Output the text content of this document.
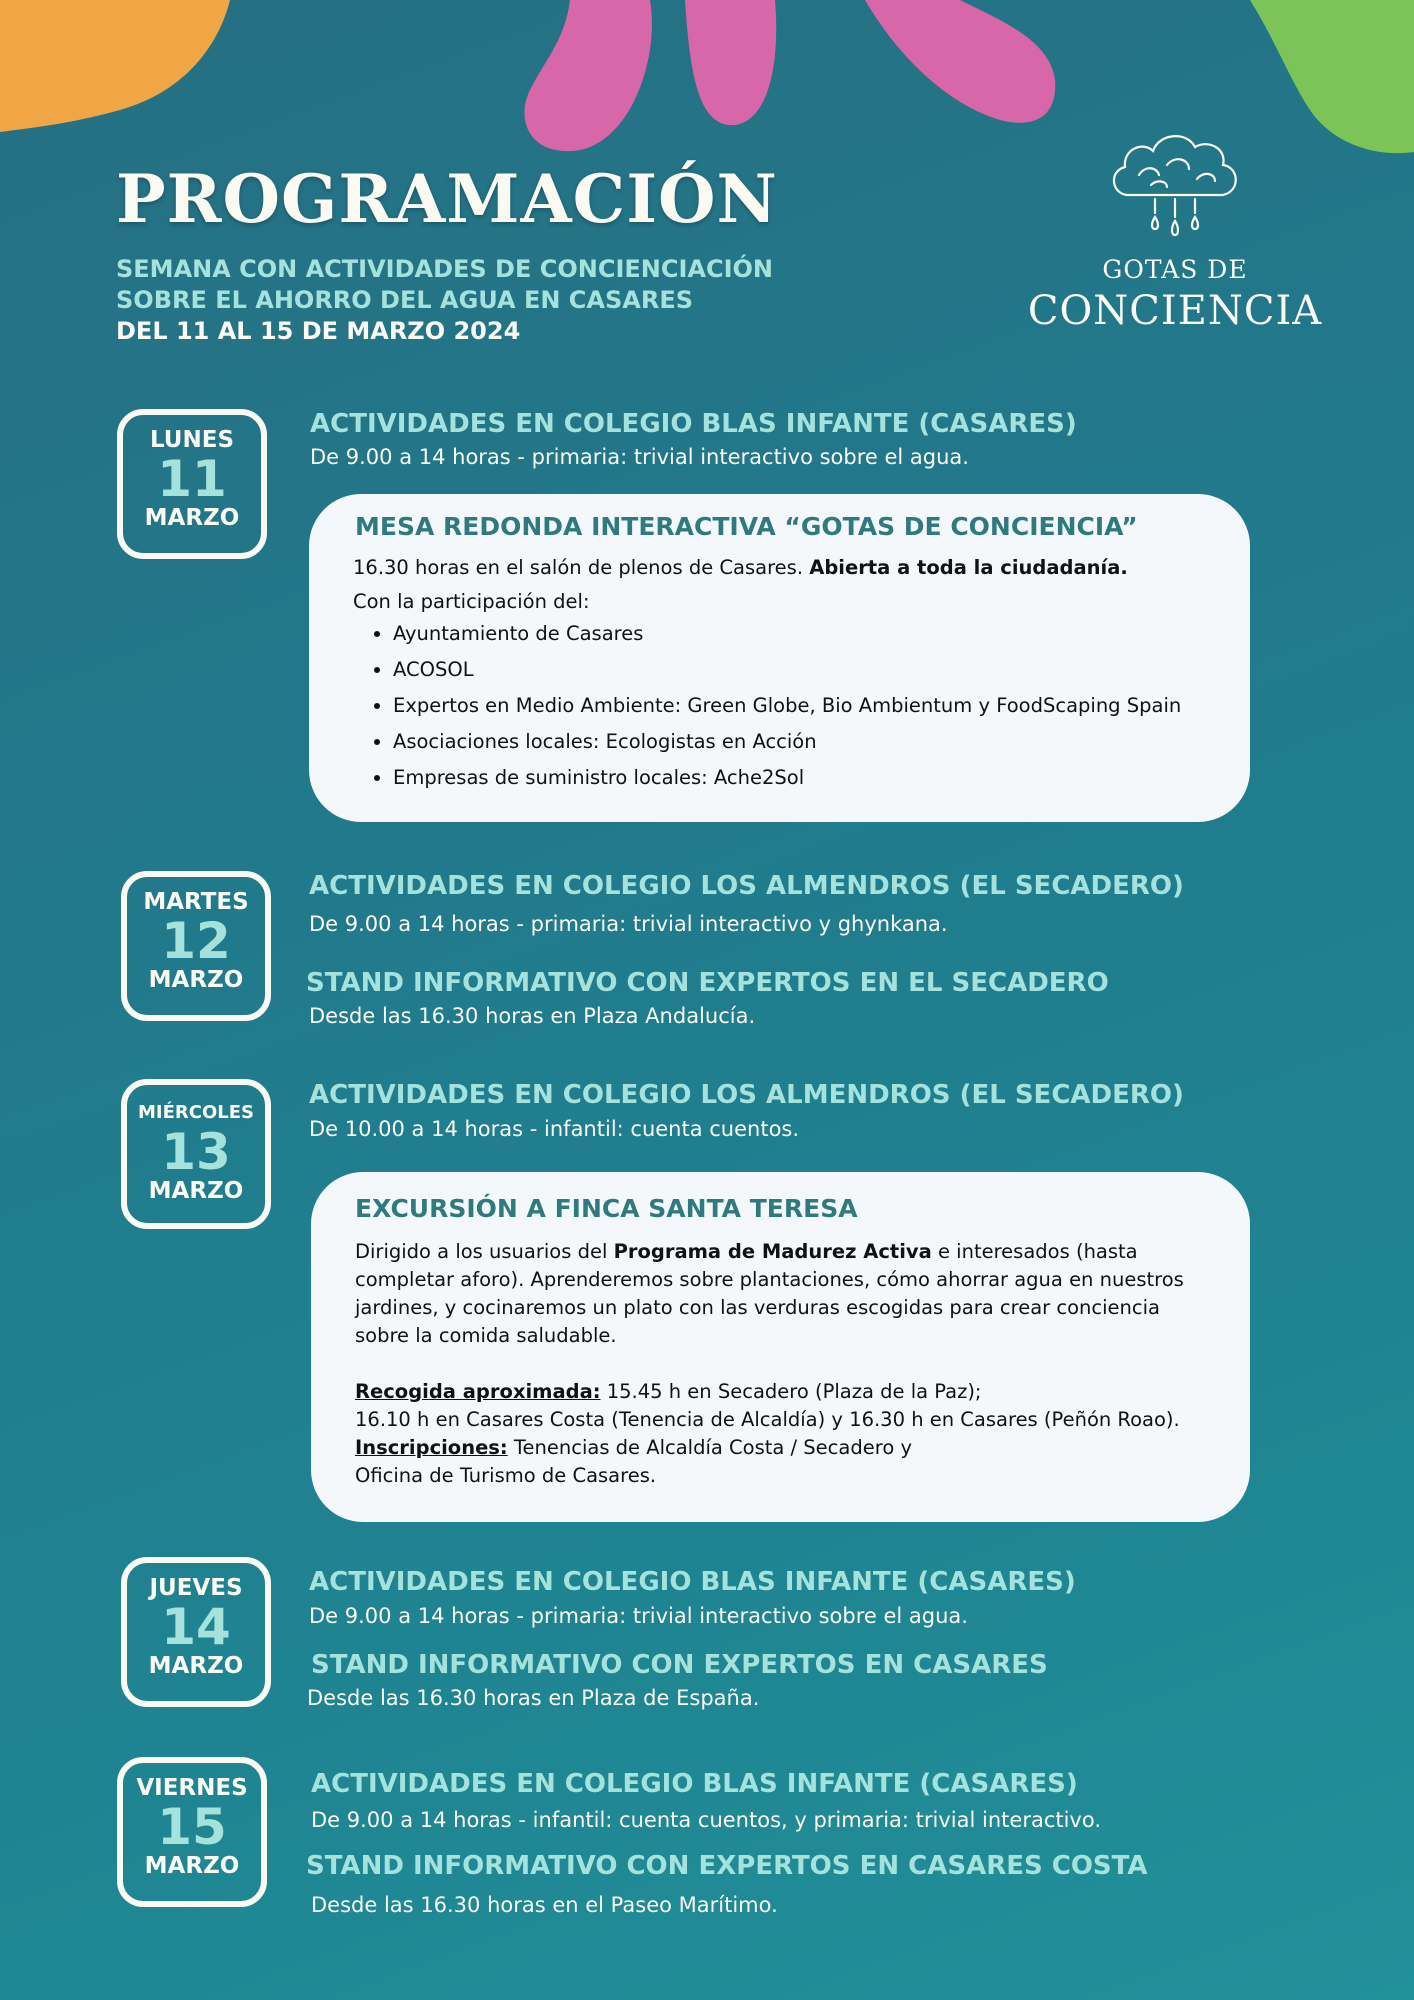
PROGRAMACIÓN
SEMANA CON ACTIVIDADES DE CONCIENCIACIÓN
SOBRE EL AHORRO DEL AGUA EN CASARES
DEL 11 AL 15 DE MARZO 2024
GOTAS DE
CONCIENCIA
LUNES
11
MARZO

ACTIVIDADES EN COLEGIO BLAS INFANTE (CASARES)

De 9.00 a 14 horas - primaria: trivial interactivo sobre el agua.

MESA REDONDA INTERACTIVA “GOTAS DE CONCIENCIA”
16.30 horas en el salón de plenos de Casares. Abierta a toda la ciudadanía.
Con la participación del:
• Ayuntamiento de Casares
• ACOSOL
• Expertos en Medio Ambiente: Green Globe, Bio Ambientum y FoodScaping Spain
• Asociaciones locales: Ecologistas en Acción
• Empresas de suministro locales: Ache2Sol
MARTES
12
MARZO

ACTIVIDADES EN COLEGIO LOS ALMENDROS (EL SECADERO)

De 9.00 a 14 horas - primaria: trivial interactivo y ghynkana.

STAND INFORMATIVO CON EXPERTOS EN EL SECADERO

Desde las 16.30 horas en Plaza Andalucía.

MIÉRCOLES
13
MARZO

ACTIVIDADES EN COLEGIO LOS ALMENDROS (EL SECADERO)

De 10.00 a 14 horas - infantil: cuenta cuentos.

EXCURSIÓN A FINCA SANTA TERESA
Dirigido a los usuarios del Programa de Madurez Activa e interesados (hasta
completar aforo). Aprenderemos sobre plantaciones, cómo ahorrar agua en nuestros
jardines, y cocinaremos un plato con las verduras escogidas para crear conciencia
sobre la comida saludable.
Recogida aproximada: 15.45 h en Secadero (Plaza de la Paz);
16.10 h en Casares Costa (Tenencia de Alcaldía) y 16.30 h en Casares (Peñón Roao).
Inscripciones: Tenencias de Alcaldía Costa / Secadero y
Oficina de Turismo de Casares.
JUEVES
14
MARZO

ACTIVIDADES EN COLEGIO BLAS INFANTE (CASARES)

De 9.00 a 14 horas - primaria: trivial interactivo sobre el agua.

STAND INFORMATIVO CON EXPERTOS EN CASARES

Desde las 16.30 horas en Plaza de España.

VIERNES
15
MARZO

ACTIVIDADES EN COLEGIO BLAS INFANTE (CASARES)

De 9.00 a 14 horas - infantil: cuenta cuentos, y primaria: trivial interactivo.

STAND INFORMATIVO CON EXPERTOS EN CASARES COSTA

Desde las 16.30 horas en el Paseo Marítimo.
